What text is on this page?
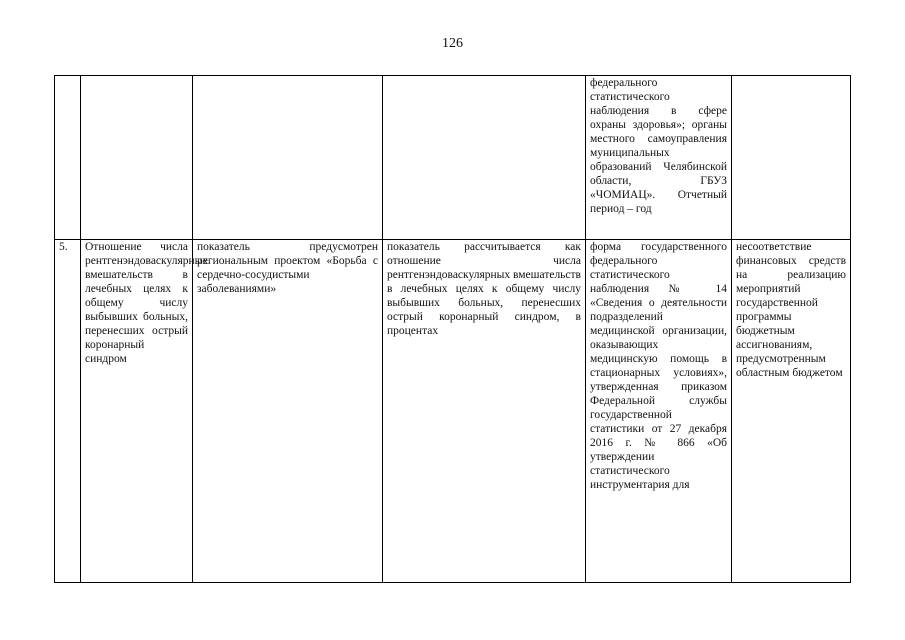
126
				федерального статистического наблюдения в сфере охраны здоровья»; органы местного самоуправления муниципальных образований Челябинской области, ГБУЗ «ЧОМИАЦ». Отчетный период – год	
5.	Отношение числа рентгенэндоваскулярных вмешательств в лечебных целях к общему числу выбывших больных, перенесших острый коронарный синдром	показатель предусмотрен региональным проектом «Борьба с сердечно-сосудистыми заболеваниями»	показатель рассчитывается как отношение числа рентгенэндоваскулярных вмешательств в лечебных целях к общему числу выбывших больных, перенесших острый коронарный синдром, в процентах	форма государственного федерального статистического наблюдения № 14 «Сведения о деятельности подразделений медицинской организации, оказывающих медицинскую помощь в стационарных условиях», утвержденная приказом Федеральной службы государственной статистики от 27 декабря 2016 г. № 866 «Об утверждении статистического инструментария для	несоответствие финансовых средств на реализацию мероприятий государственной программы бюджетным ассигнованиям, предусмотренным областным бюджетом
